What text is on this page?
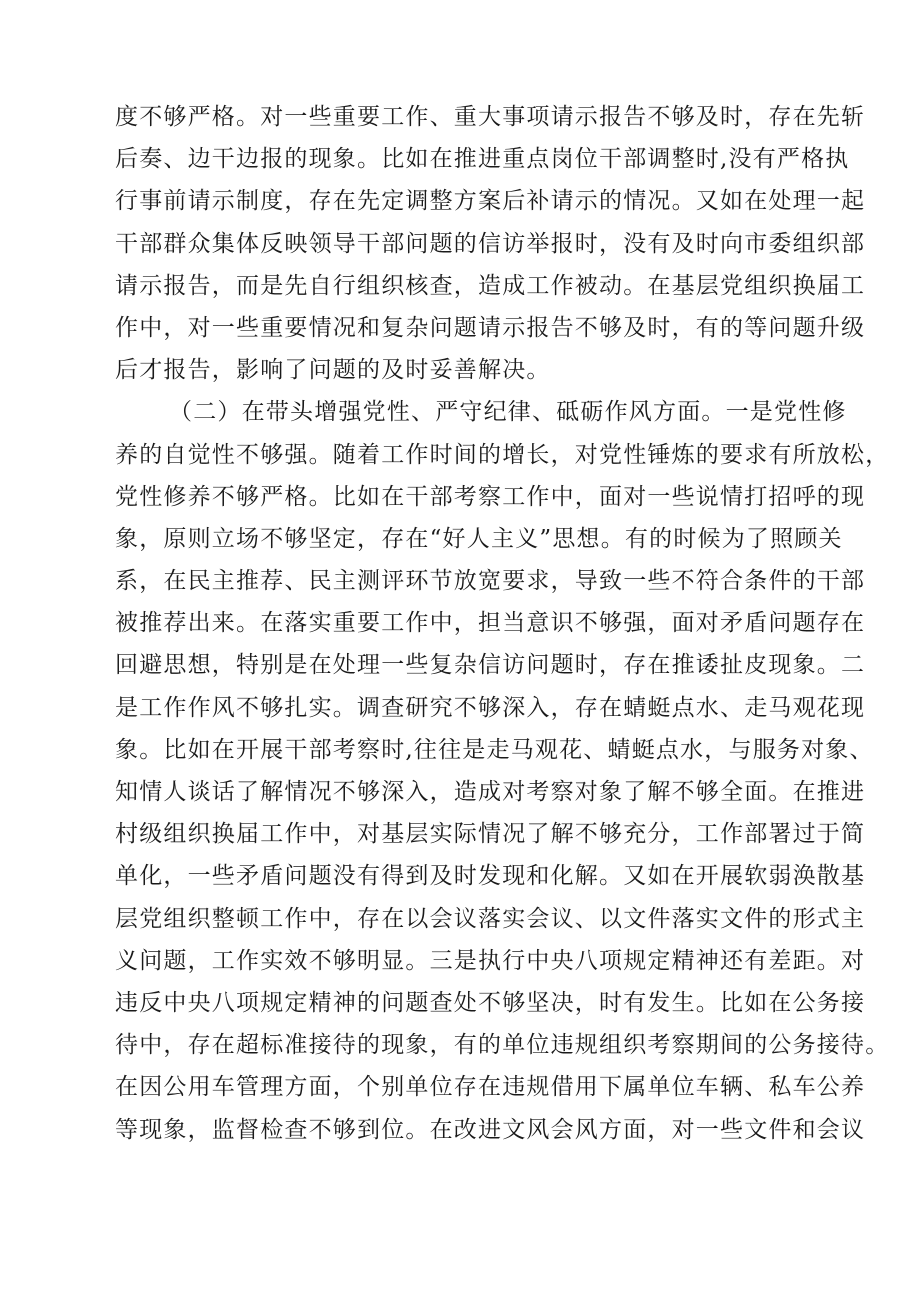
度不够严格。对一些重要工作、重大事项请示报告不够及时，存在先斩
后奏、边干边报的现象。比如在推进重点岗位干部调整时,没有严格执
行事前请示制度，存在先定调整方案后补请示的情况。又如在处理一起
干部群众集体反映领导干部问题的信访举报时，没有及时向市委组织部
请示报告，而是先自行组织核查，造成工作被动。在基层党组织换届工
作中，对一些重要情况和复杂问题请示报告不够及时，有的等问题升级
后才报告，影响了问题的及时妥善解决。
（二）在带头增强党性、严守纪律、砥砺作风方面。一是党性修
养的自觉性不够强。随着工作时间的增长，对党性锤炼的要求有所放松，
党性修养不够严格。比如在干部考察工作中，面对一些说情打招呼的现
象，原则立场不够坚定，存在“好人主义”思想。有的时候为了照顾关
系，在民主推荐、民主测评环节放宽要求，导致一些不符合条件的干部
被推荐出来。在落实重要工作中，担当意识不够强，面对矛盾问题存在
回避思想，特别是在处理一些复杂信访问题时，存在推诿扯皮现象。二
是工作作风不够扎实。调查研究不够深入，存在蜻蜓点水、走马观花现
象。比如在开展干部考察时,往往是走马观花、蜻蜓点水，与服务对象、
知情人谈话了解情况不够深入，造成对考察对象了解不够全面。在推进
村级组织换届工作中，对基层实际情况了解不够充分，工作部署过于简
单化，一些矛盾问题没有得到及时发现和化解。又如在开展软弱涣散基
层党组织整顿工作中，存在以会议落实会议、以文件落实文件的形式主
义问题，工作实效不够明显。三是执行中央八项规定精神还有差距。对
违反中央八项规定精神的问题查处不够坚决，时有发生。比如在公务接
待中，存在超标准接待的现象，有的单位违规组织考察期间的公务接待。
在因公用车管理方面，个别单位存在违规借用下属单位车辆、私车公养
等现象，监督检查不够到位。在改进文风会风方面，对一些文件和会议
